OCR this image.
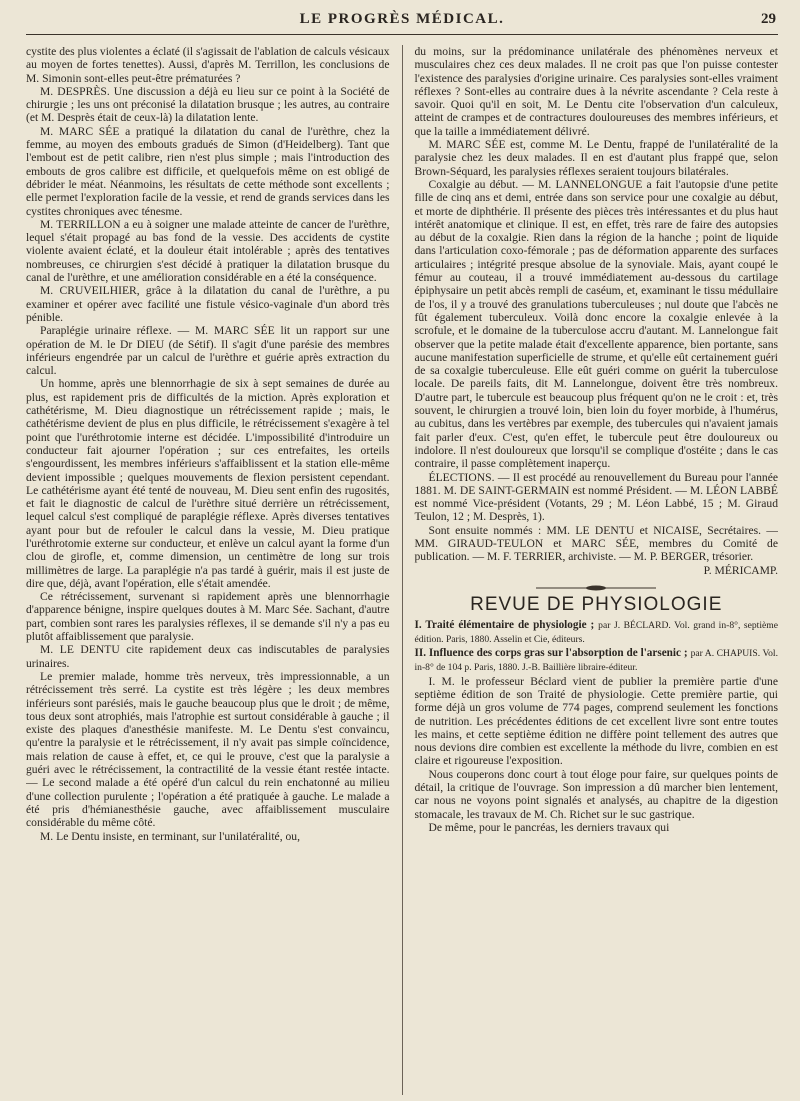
LE PROGRÈS MÉDICAL.	29

cystite des plus violentes a éclaté (il s'agissait de l'ablation de calculs vésicaux au moyen de fortes tenettes). Aussi, d'après M. Terrillon, les conclusions de M. Simonin sont-elles peut-être prématurées ?

M. DESPRÈS. Une discussion a déjà eu lieu sur ce point à la Société de chirurgie ; les uns ont préconisé la dilatation brusque ; les autres, au contraire (et M. Desprès était de ceux-là) la dilatation lente.

M. MARC SÉE a pratiqué la dilatation du canal de l'urèthre, chez la femme, au moyen des embouts gradués de Simon (d'Heidelberg). Tant que l'embout est de petit calibre, rien n'est plus simple ; mais l'introduction des embouts de gros calibre est difficile, et quelquefois même on est obligé de débrider le méat. Néanmoins, les résultats de cette méthode sont excellents ; elle permet l'exploration facile de la vessie, et rend de grands services dans les cystites chroniques avec ténesme.

M. TERRILLON a eu à soigner une malade atteinte de cancer de l'urèthre, lequel s'était propagé au bas fond de la vessie. Des accidents de cystite violente avaient éclaté, et la douleur était intolérable ; après des tentatives nombreuses, ce chirurgien s'est décidé à pratiquer la dilatation brusque du canal de l'urèthre, et une amélioration considérable en a été la conséquence.

M. CRUVEILHIER, grâce à la dilatation du canal de l'urèthre, a pu examiner et opérer avec facilité une fistule vésico-vaginale d'un abord très pénible.

Paraplégie urinaire réflexe. — M. MARC SÉE lit un rapport sur une opération de M. le Dr DIEU (de Sétif). Il s'agit d'une parésie des membres inférieurs engendrée par un calcul de l'urèthre et guérie après extraction du calcul.

Un homme, après une blennorrhagie de six à sept semaines de durée au plus, est rapidement pris de difficultés de la miction. Après exploration et cathétérisme, M. Dieu diagnostique un rétrécissement rapide ; mais, le cathétérisme devient de plus en plus difficile, le rétrécissement s'exagère à tel point que l'uréthrotomie interne est décidée. L'impossibilité d'introduire un conducteur fait ajourner l'opération ; sur ces entrefaites, les orteils s'engourdissent, les membres inférieurs s'affaiblissent et la station elle-même devient impossible ; quelques mouvements de flexion persistent cependant. Le cathétérisme ayant été tenté de nouveau, M. Dieu sent enfin des rugosités, et fait le diagnostic de calcul de l'urèthre situé derrière un rétrécissement, lequel calcul s'est compliqué de paraplégie réflexe. Après diverses tentatives ayant pour but de refouler le calcul dans la vessie, M. Dieu pratique l'uréthrotomie externe sur conducteur, et enlève un calcul ayant la forme d'un clou de girofle, et, comme dimension, un centimètre de long sur trois millimètres de large. La paraplégie n'a pas tardé à guérir, mais il est juste de dire que, déjà, avant l'opération, elle s'était amendée.

Ce rétrécissement, survenant si rapidement après une blennorrhagie d'apparence bénigne, inspire quelques doutes à M. Marc Sée. Sachant, d'autre part, combien sont rares les paralysies réflexes, il se demande s'il n'y a pas eu plutôt affaiblissement que paralysie.

M. LE DENTU cite rapidement deux cas indiscutables de paralysies urinaires.

Le premier malade, homme très nerveux, très impressionnable, a un rétrécissement très serré. La cystite est très légère ; les deux membres inférieurs sont parésiés, mais le gauche beaucoup plus que le droit ; de même, tous deux sont atrophiés, mais l'atrophie est surtout considérable à gauche ; il existe des plaques d'anesthésie manifeste. M. Le Dentu s'est convaincu, qu'entre la paralysie et le rétrécissement, il n'y avait pas simple coïncidence, mais relation de cause à effet, et, ce qui le prouve, c'est que la paralysie a guéri avec le rétrécissement, la contractilité de la vessie étant restée intacte. — Le second malade a été opéré d'un calcul du rein enchatonné au milieu d'une collection purulente ; l'opération a été pratiquée à gauche. Le malade a été pris d'hémianesthésie gauche, avec affaiblissement musculaire considérable du même côté.

M. Le Dentu insiste, en terminant, sur l'unilatéralité, ou,

du moins, sur la prédominance unilatérale des phénomènes nerveux et musculaires chez ces deux malades. Il ne croit pas que l'on puisse contester l'existence des paralysies d'origine urinaire. Ces paralysies sont-elles vraiment réflexes ? Sont-elles au contraire dues à la névrite ascendante ? Cela reste à savoir. Quoi qu'il en soit, M. Le Dentu cite l'observation d'un calculeux, atteint de crampes et de contractures douloureuses des membres inférieurs, et que la taille a immédiatement délivré.

M. MARC SÉE est, comme M. Le Dentu, frappé de l'unilatéralité de la paralysie chez les deux malades. Il en est d'autant plus frappé que, selon Brown-Séquard, les paralysies réflexes seraient toujours bilatérales.

Coxalgie au début. — M. LANNELONGUE a fait l'autopsie d'une petite fille de cinq ans et demi, entrée dans son service pour une coxalgie au début, et morte de diphthérie. Il présente des pièces très intéressantes et du plus haut intérêt anatomique et clinique. Il est, en effet, très rare de faire des autopsies au début de la coxalgie. Rien dans la région de la hanche ; point de liquide dans l'articulation coxo-fémorale ; pas de déformation apparente des surfaces articulaires ; intégrité presque absolue de la synoviale. Mais, ayant coupé le fémur au couteau, il a trouvé immédiatement au-dessous du cartilage épiphysaire un petit abcès rempli de caséum, et, examinant le tissu médullaire de l'os, il y a trouvé des granulations tuberculeuses ; nul doute que l'abcès ne fût également tuberculeux. Voilà donc encore la coxalgie enlevée à la scrofule, et le domaine de la tuberculose accru d'autant. M. Lannelongue fait observer que la petite malade était d'excellente apparence, bien portante, sans aucune manifestation superficielle de strume, et qu'elle eût certainement guéri de sa coxalgie tuberculeuse. Elle eût guéri comme on guérit la tuberculose locale. De pareils faits, dit M. Lannelongue, doivent être très nombreux. D'autre part, le tubercule est beaucoup plus fréquent qu'on ne le croit : et, très souvent, le chirurgien a trouvé loin, bien loin du foyer morbide, à l'humérus, au cubitus, dans les vertèbres par exemple, des tubercules qui n'avaient jamais fait parler d'eux. C'est, qu'en effet, le tubercule peut être douloureux ou indolore. Il n'est douloureux que lorsqu'il se complique d'ostéite ; dans le cas contraire, il passe complètement inaperçu.

ÉLECTIONS. — Il est procédé au renouvellement du Bureau pour l'année 1881. M. DE SAINT-GERMAIN est nommé Président. — M. LÉON LABBÉ est nommé Vice-président (Votants, 29 ; M. Léon Labbé, 15 ; M. Giraud Teulon, 12 ; M. Desprès, 1).

Sont ensuite nommés : MM. LE DENTU et NICAISE, Secrétaires. — MM. GIRAUD-TEULON et MARC SÉE, membres du Comité de publication. — M. F. TERRIER, archiviste. — M. P. BERGER, trésorier.

P. MÉRICAMP.

REVUE DE PHYSIOLOGIE

I. Traité élémentaire de physiologie ; par J. BÉCLARD. Vol. grand in-8°, septième édition. Paris, 1880. Asselin et Cie, éditeurs.

II. Influence des corps gras sur l'absorption de l'arsenic ; par A. CHAPUIS. Vol. in-8° de 104 p. Paris, 1880. J.-B. Baillière libraire-éditeur.

I. M. le professeur Béclard vient de publier la première partie d'une septième édition de son Traité de physiologie. Cette première partie, qui forme déjà un gros volume de 774 pages, comprend seulement les fonctions de nutrition. Les précédentes éditions de cet excellent livre sont entre toutes les mains, et cette septième édition ne diffère point tellement des autres que nous devions dire combien est excellente la méthode du livre, combien en est claire et rigoureuse l'exposition.

Nous couperons donc court à tout éloge pour faire, sur quelques points de détail, la critique de l'ouvrage. Son impression a dû marcher bien lentement, car nous ne voyons point signalés et analysés, au chapitre de la digestion stomacale, les travaux de M. Ch. Richet sur le suc gastrique.

De même, pour le pancréas, les derniers travaux qui
